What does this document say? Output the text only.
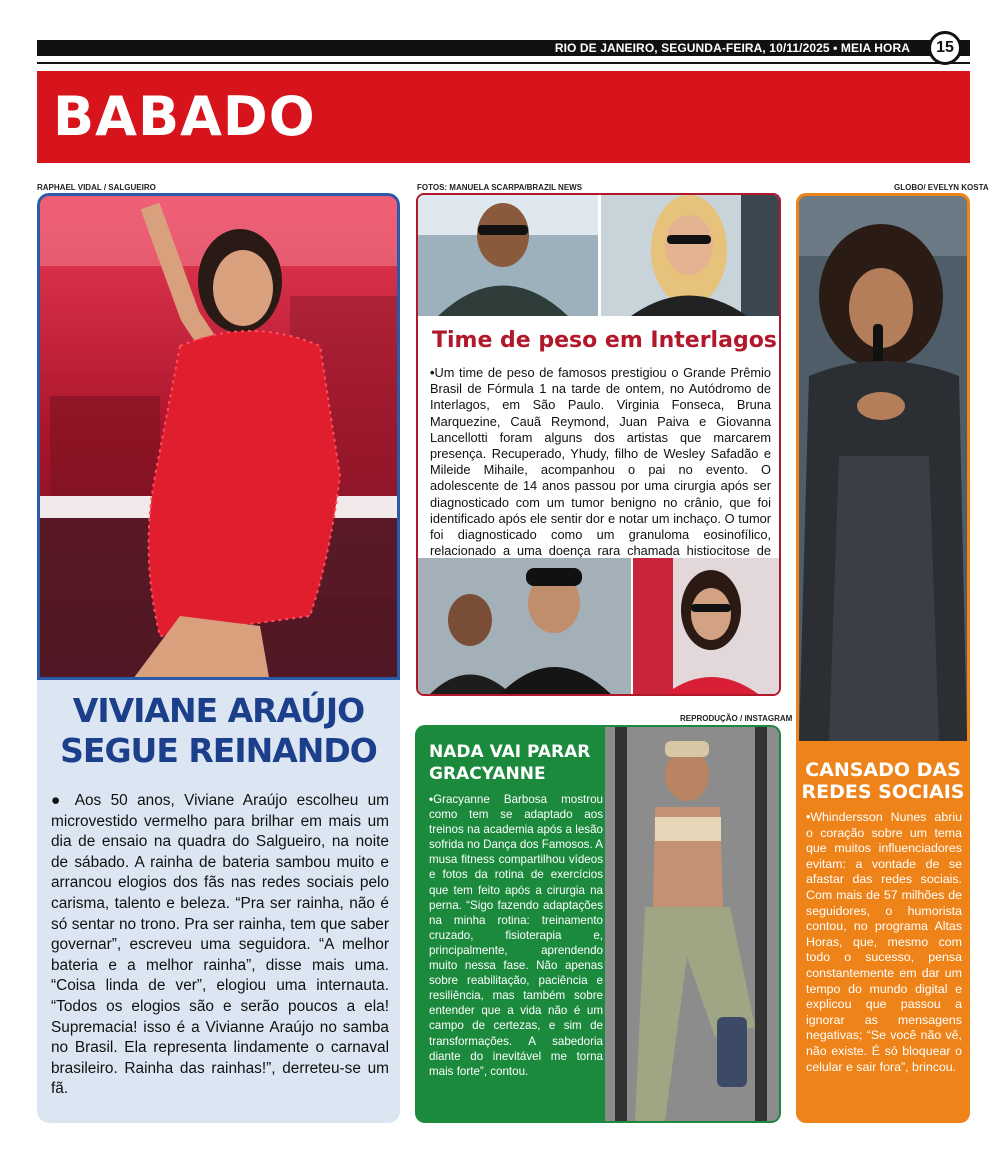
RIO DE JANEIRO, SEGUNDA-FEIRA, 10/11/2025 • MEIA HORA	15
BABADO
RAPHAEL VIDAL / SALGUEIRO	FOTOS: MANUELA SCARPA/BRAZIL NEWS	GLOBO/ EVELYN KOSTA
REPRODUÇÃO / INSTAGRAM
VIVIANE ARAÚJO
SEGUE REINANDO
● Aos 50 anos, Viviane Araújo escolheu um microvestido vermelho para brilhar em mais um dia de ensaio na quadra do Salgueiro, na noite de sábado. A rainha de bateria sambou muito e arrancou elogios dos fãs nas redes sociais pelo carisma, talento e beleza. “Pra ser rainha, não é só sentar no trono. Pra ser rainha, tem que saber governar”, escreveu uma seguidora. “A melhor bateria e a melhor rainha”, disse mais uma. “Coisa linda de ver”, elogiou uma internauta. “Todos os elogios são e serão poucos a ela! Supremacia! isso é a Vivianne Araújo no samba no Brasil. Ela representa lindamente o carnaval brasileiro. Rainha das rainhas!”, derreteu-se um fã.
Time de peso em Interlagos
•Um time de peso de famosos prestigiou o Grande Prêmio Brasil de Fórmula 1 na tarde de ontem, no Autódromo de Interlagos, em São Paulo. Virginia Fonseca, Bruna Marquezine, Cauã Reymond, Juan Paiva e Giovanna Lancellotti foram alguns dos artistas que marcarem presença. Recuperado, Yhudy, filho de Wesley Safadão e Mileide Mihaile, acompanhou o pai no evento. O adolescente de 14 anos passou por uma cirurgia após ser diagnosticado com um tumor benigno no crânio, que foi identificado após ele sentir dor e notar um inchaço. O tumor foi diagnosticado como um granuloma eosinofílico, relacionado a uma doença rara chamada histiocitose de
NADA VAI PARAR GRACYANNE
•Gracyanne Barbosa mostrou como tem se adaptado aos treinos na academia após a lesão sofrida no Dança dos Famosos. A musa fitness compartilhou vídeos e fotos da rotina de exercícios que tem feito após a cirurgia na perna. “Sigo fazendo adaptações na minha rotina: treinamento cruzado, fisioterapia e, principalmente, aprendendo muito nessa fase. Não apenas sobre reabilitação, paciência e resiliência, mas também sobre entender que a vida não é um campo de certezas, e sim de transformações. A sabedoria diante do inevitável me torna mais forte”, contou.
CANSADO DAS REDES SOCIAIS
•Whindersson Nunes abriu o coração sobre um tema que muitos influenciadores evitam: a vontade de se afastar das redes sociais. Com mais de 57 milhões de seguidores, o humorista contou, no programa Altas Horas, que, mesmo com todo o sucesso, pensa constantemente em dar um tempo do mundo digital e explicou que passou a ignorar as mensagens negativas; “Se você não vê, não existe. É só bloquear o celular e sair fora”, brincou.
